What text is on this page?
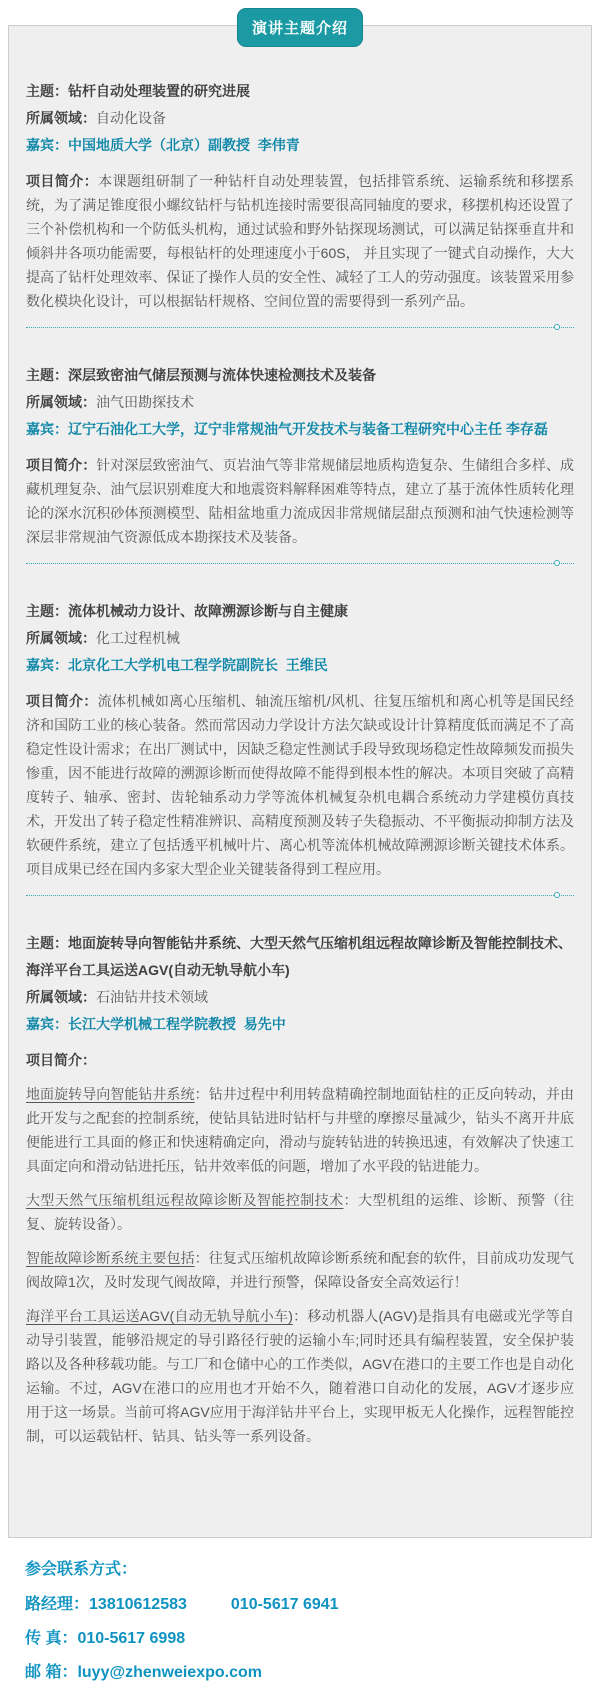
演讲主题介绍

主题：钻杆自动处理装置的研究进展

所属领域：自动化设备

嘉宾：中国地质大学（北京）副教授  李伟青

项目简介：本课题组研制了一种钻杆自动处理装置，包括排管系统、运输系统和移摆系统，为了满足锥度很小螺纹钻杆与钻机连接时需要很高同轴度的要求，移摆机构还设置了三个补偿机构和一个防低头机构，通过试验和野外钻探现场测试，可以满足钻探垂直井和倾斜井各项功能需要，每根钻杆的处理速度小于60S， 并且实现了一键式自动操作，大大提高了钻杆处理效率、保证了操作人员的安全性、减轻了工人的劳动强度。该装置采用参数化模块化设计，可以根据钻杆规格、空间位置的需要得到一系列产品。

主题：深层致密油气储层预测与流体快速检测技术及装备

所属领域：油气田勘探技术

嘉宾：辽宁石油化工大学，辽宁非常规油气开发技术与装备工程研究中心主任 李存磊

项目简介：针对深层致密油气、页岩油气等非常规储层地质构造复杂、生储组合多样、成藏机理复杂、油气层识别难度大和地震资料解释困难等特点，建立了基于流体性质转化理论的深水沉积砂体预测模型、陆相盆地重力流成因非常规储层甜点预测和油气快速检测等深层非常规油气资源低成本勘探技术及装备。

主题：流体机械动力设计、故障溯源诊断与自主健康

所属领域：化工过程机械

嘉宾：北京化工大学机电工程学院副院长  王维民

项目简介：流体机械如离心压缩机、轴流压缩机/风机、往复压缩机和离心机等是国民经济和国防工业的核心装备。然而常因动力学设计方法欠缺或设计计算精度低而满足不了高稳定性设计需求；在出厂测试中，因缺乏稳定性测试手段导致现场稳定性故障频发而损失惨重，因不能进行故障的溯源诊断而使得故障不能得到根本性的解决。本项目突破了高精度转子、轴承、密封、齿轮轴系动力学等流体机械复杂机电耦合系统动力学建模仿真技术，开发出了转子稳定性精准辨识、高精度预测及转子失稳振动、不平衡振动抑制方法及软硬件系统，建立了包括透平机械叶片、离心机等流体机械故障溯源诊断关键技术体系。项目成果已经在国内多家大型企业关键装备得到工程应用。

主题：地面旋转导向智能钻井系统、大型天然气压缩机组远程故障诊断及智能控制技术、海洋平台工具运送AGV(自动无轨导航小车)

所属领域：石油钻井技术领域

嘉宾：长江大学机械工程学院教授  易先中

项目简介：

地面旋转导向智能钻井系统：钻井过程中利用转盘精确控制地面钻柱的正反向转动，并由此开发与之配套的控制系统，使钻具钻进时钻杆与井壁的摩擦尽量减少，钻头不离开井底便能进行工具面的修正和快速精确定向，滑动与旋转钻进的转换迅速，有效解决了快速工具面定向和滑动钻进托压，钻井效率低的问题，增加了水平段的钻进能力。

大型天然气压缩机组远程故障诊断及智能控制技术：大型机组的运维、诊断、预警（往复、旋转设备）。

智能故障诊断系统主要包括：往复式压缩机故障诊断系统和配套的软件，目前成功发现气阀故障1次，及时发现气阀故障，并进行预警，保障设备安全高效运行！

海洋平台工具运送AGV(自动无轨导航小车)：移动机器人(AGV)是指具有电磁或光学等自动导引装置，能够沿规定的导引路径行驶的运输小车;同时还具有编程装置，安全保护装路以及各种移载功能。与工厂和仓储中心的工作类似，AGV在港口的主要工作也是自动化运输。不过，AGV在港口的应用也才开始不久，随着港口自动化的发展，AGV才逐步应用于这一场景。当前可将AGV应用于海洋钻井平台上，实现甲板无人化操作，远程智能控制，可以运载钻杆、钻具、钻头等一系列设备。

参会联系方式：

路经理：13810612583	010-5617 6941

传 真：010-5617 6998

邮 箱：luyy@zhenweiexpo.com
